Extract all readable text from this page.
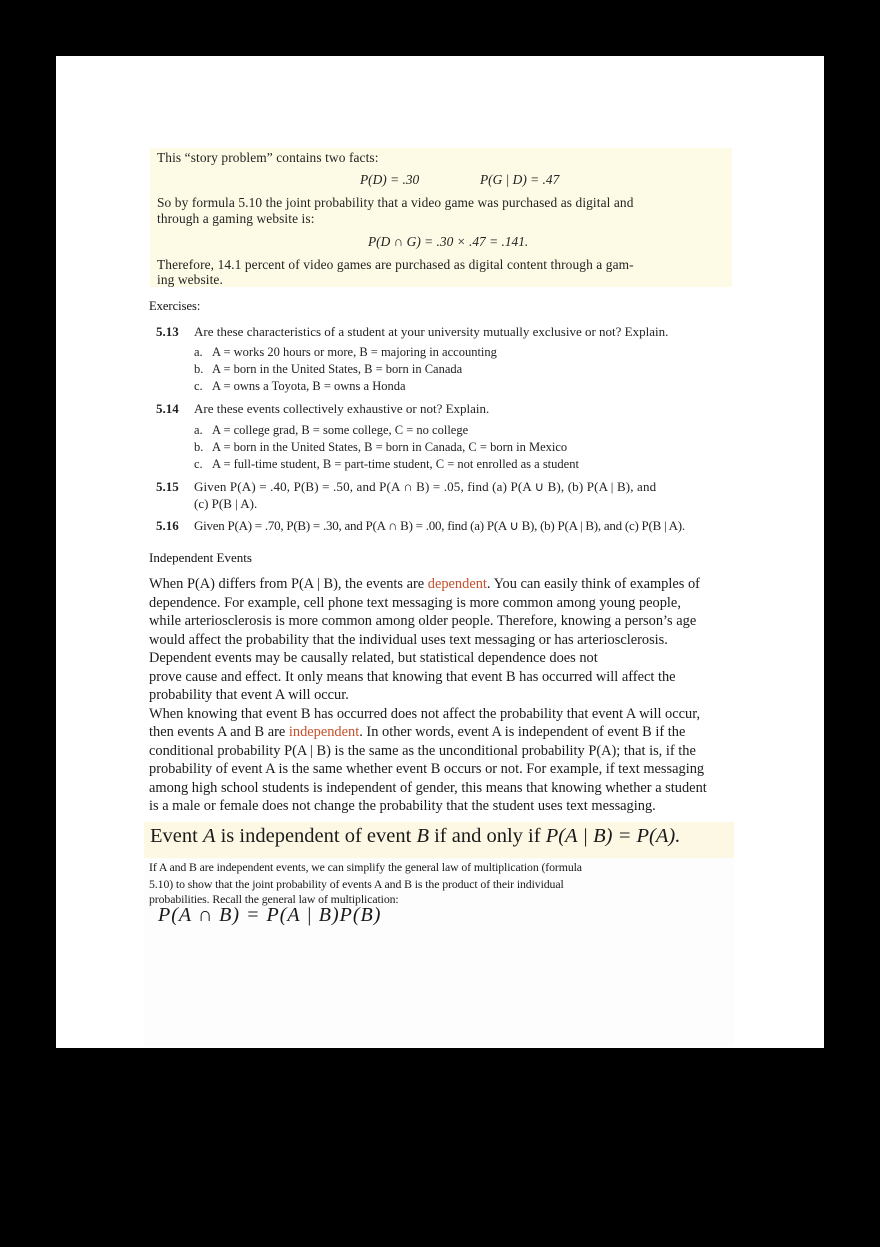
This “story problem” contains two facts:
P(D) = .30	P(G | D) = .47
So by formula 5.10 the joint probability that a video game was purchased as digital and
through a gaming website is:
P(D ∩ G) = .30 × .47 = .141.
Therefore, 14.1 percent of video games are purchased as digital content through a gam-
ing website.
Exercises:
5.13 Are these characteristics of a student at your university mutually exclusive or not? Explain.
a. A = works 20 hours or more, B = majoring in accounting
b. A = born in the United States, B = born in Canada
c. A = owns a Toyota, B = owns a Honda
5.14 Are these events collectively exhaustive or not? Explain.
a. A = college grad, B = some college, C = no college
b. A = born in the United States, B = born in Canada, C = born in Mexico
c. A = full-time student, B = part-time student, C = not enrolled as a student
5.15 Given P(A) = .40, P(B) = .50, and P(A ∩ B) = .05, find (a) P(A ∪ B), (b) P(A | B), and
(c) P(B | A).
5.16 Given P(A) = .70, P(B) = .30, and P(A ∩ B) = .00, find (a) P(A ∪ B), (b) P(A | B), and (c) P(B | A).
Independent Events
When P(A) differs from P(A | B), the events are dependent. You can easily think of examples of
dependence. For example, cell phone text messaging is more common among young people,
while arteriosclerosis is more common among older people. Therefore, knowing a person’s age
would affect the probability that the individual uses text messaging or has arteriosclerosis.
Dependent events may be causally related, but statistical dependence does not
prove cause and effect. It only means that knowing that event B has occurred will affect the
probability that event A will occur.
When knowing that event B has occurred does not affect the probability that event A will occur,
then events A and B are independent. In other words, event A is independent of event B if the
conditional probability P(A | B) is the same as the unconditional probability P(A); that is, if the
probability of event A is the same whether event B occurs or not. For example, if text messaging
among high school students is independent of gender, this means that knowing whether a student
is a male or female does not change the probability that the student uses text messaging.
Event A is independent of event B if and only if P(A | B) = P(A).
If A and B are independent events, we can simplify the general law of multiplication (formula
5.10) to show that the joint probability of events A and B is the product of their individual
probabilities. Recall the general law of multiplication:
P(A ∩ B) = P(A | B)P(B)
